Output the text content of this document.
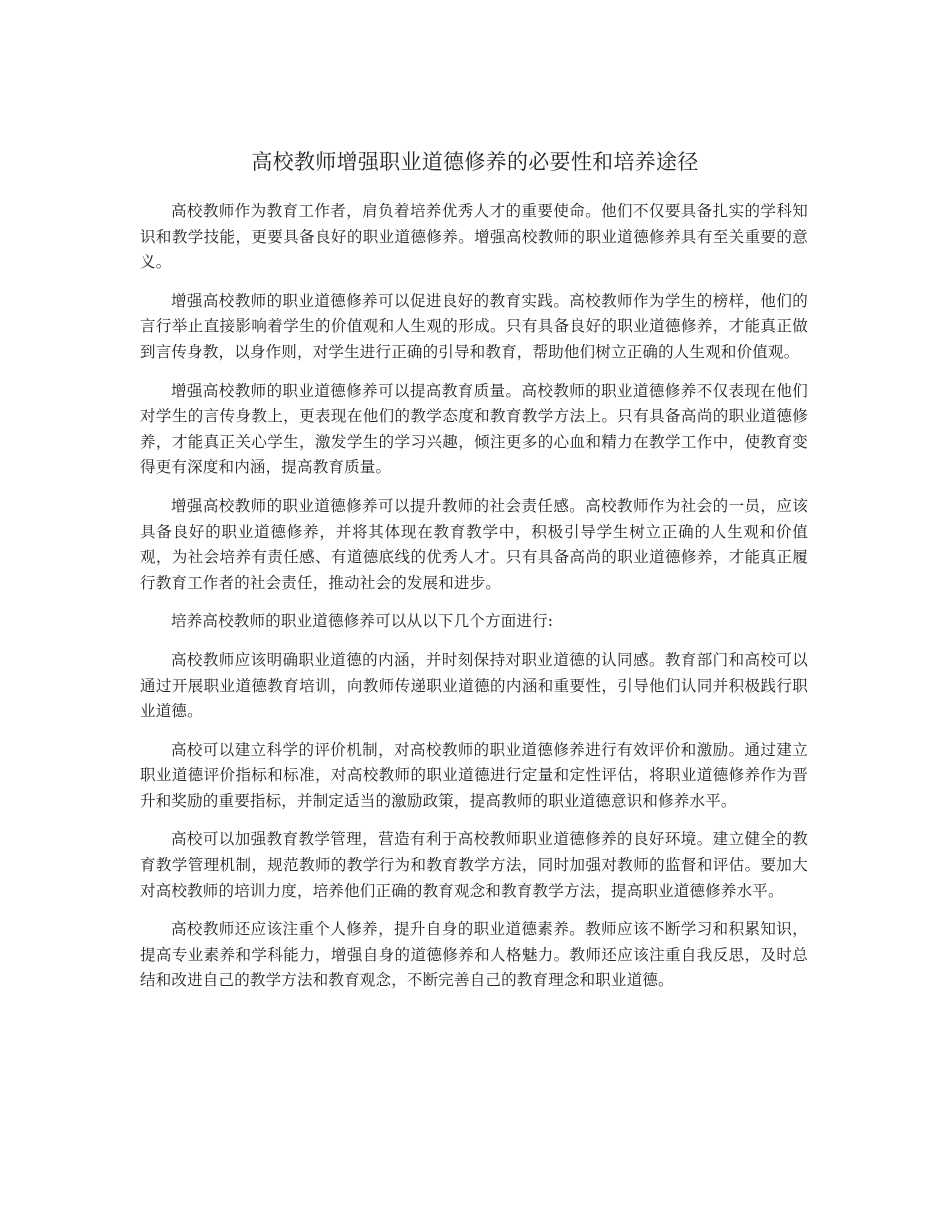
高校教师增强职业道德修养的必要性和培养途径

高校教师作为教育工作者，肩负着培养优秀人才的重要使命。他们不仅要具备扎实的学科知识和教学技能，更要具备良好的职业道德修养。增强高校教师的职业道德修养具有至关重要的意义。

增强高校教师的职业道德修养可以促进良好的教育实践。高校教师作为学生的榜样，他们的言行举止直接影响着学生的价值观和人生观的形成。只有具备良好的职业道德修养，才能真正做到言传身教，以身作则，对学生进行正确的引导和教育，帮助他们树立正确的人生观和价值观。

增强高校教师的职业道德修养可以提高教育质量。高校教师的职业道德修养不仅表现在他们对学生的言传身教上，更表现在他们的教学态度和教育教学方法上。只有具备高尚的职业道德修养，才能真正关心学生，激发学生的学习兴趣，倾注更多的心血和精力在教学工作中，使教育变得更有深度和内涵，提高教育质量。

增强高校教师的职业道德修养可以提升教师的社会责任感。高校教师作为社会的一员，应该具备良好的职业道德修养，并将其体现在教育教学中，积极引导学生树立正确的人生观和价值观，为社会培养有责任感、有道德底线的优秀人才。只有具备高尚的职业道德修养，才能真正履行教育工作者的社会责任，推动社会的发展和进步。

培养高校教师的职业道德修养可以从以下几个方面进行:

高校教师应该明确职业道德的内涵，并时刻保持对职业道德的认同感。教育部门和高校可以通过开展职业道德教育培训，向教师传递职业道德的内涵和重要性，引导他们认同并积极践行职业道德。

高校可以建立科学的评价机制，对高校教师的职业道德修养进行有效评价和激励。通过建立职业道德评价指标和标准，对高校教师的职业道德进行定量和定性评估，将职业道德修养作为晋升和奖励的重要指标，并制定适当的激励政策，提高教师的职业道德意识和修养水平。

高校可以加强教育教学管理，营造有利于高校教师职业道德修养的良好环境。建立健全的教育教学管理机制，规范教师的教学行为和教育教学方法，同时加强对教师的监督和评估。要加大对高校教师的培训力度，培养他们正确的教育观念和教育教学方法，提高职业道德修养水平。

高校教师还应该注重个人修养，提升自身的职业道德素养。教师应该不断学习和积累知识，提高专业素养和学科能力，增强自身的道德修养和人格魅力。教师还应该注重自我反思，及时总结和改进自己的教学方法和教育观念，不断完善自己的教育理念和职业道德。
